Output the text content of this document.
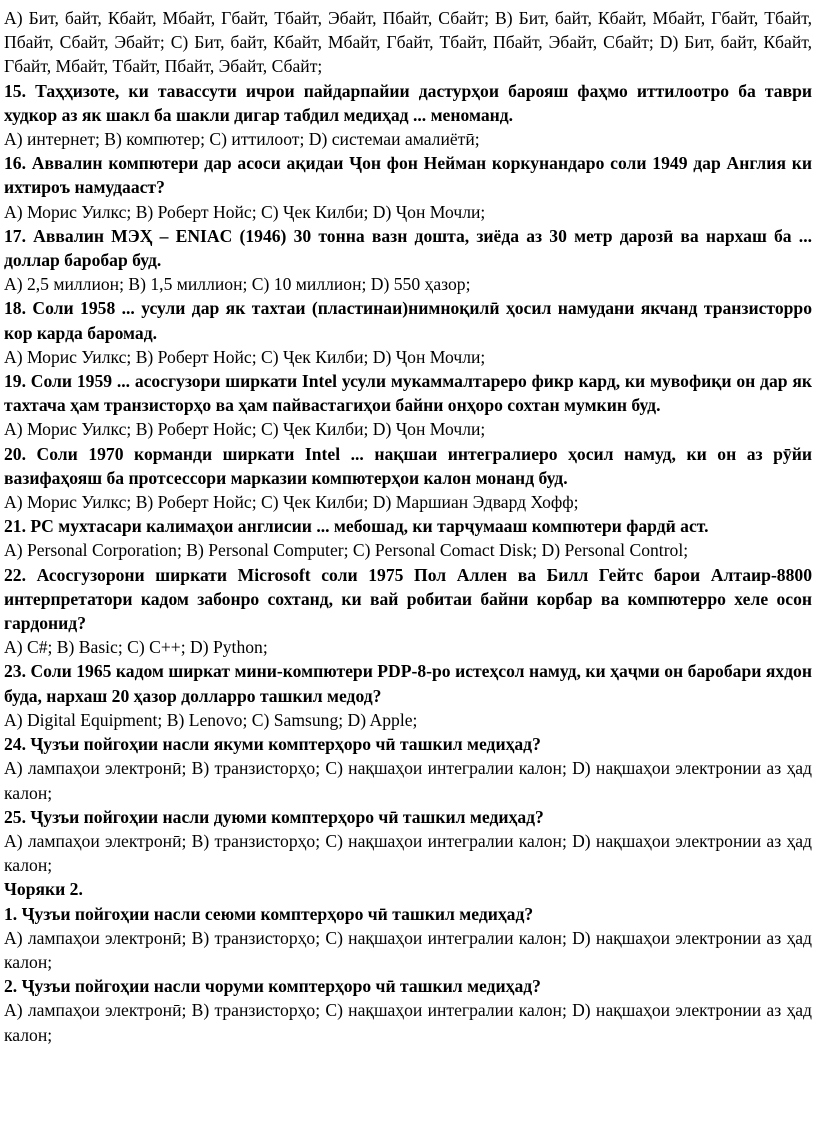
A) Бит, байт, Кбайт, Мбайт, Гбайт, Тбайт, Эбайт, Пбайт, Сбайт; B) Бит, байт, Кбайт, Мбайт, Гбайт, Тбайт, Пбайт, Сбайт, Эбайт; C) Бит, байт, Кбайт, Мбайт, Гбайт, Тбайт, Пбайт, Эбайт, Сбайт; D) Бит, байт, Кбайт, Гбайт, Мбайт, Тбайт, Пбайт, Эбайт, Сбайт;

15. Таҳҳизоте, ки тавассути ичрои пайдарпайии дастурҳои барояш фаҳмо иттилоотро ба таври худкор аз як шакл ба шакли дигар табдил медиҳад ... меноманд.

A) интернет; B) компютер; C) иттилоот; D) системаи амалиётӣ;

16. Аввалин компютери дар асоси ақидаи Ҷон фон Нейман коркунандаро соли 1949 дар Англия ки ихтироъ намудааст?

A) Морис Уилкс; B) Роберт Нойс; C) Ҷек Килби; D) Ҷон Мочли;

17. Аввалин МЭҲ – ENIAC (1946) 30 тонна вазн дошта, зиёда аз 30 метр дарозӣ ва нархаш ба ... доллар баробар буд.

A) 2,5 миллион; B) 1,5 миллион; C) 10 миллион; D) 550 ҳазор;

18. Соли 1958 ... усули дар як тахтаи (пластинаи)нимноқилӣ ҳосил намудани якчанд транзисторро кор карда баромад.

A) Морис Уилкс; B) Роберт Нойс; C) Ҷек Килби; D) Ҷон Мочли;

19. Соли 1959 ... асосгузори ширкати Intel усули мукаммалтареро фикр кард, ки мувофиқи он дар як тахтача ҳам транзисторҳо ва ҳам пайвастагиҳои байни онҳоро сохтан мумкин буд.

A) Морис Уилкс; B) Роберт Нойс; C) Ҷек Килби; D) Ҷон Мочли;

20. Соли 1970 корманди ширкати Intel ... нақшаи интегралиеро ҳосил намуд, ки он аз рӯйи вазифаҳояш ба протсессори марказии компютерҳои калон монанд буд.

A) Морис Уилкс; B) Роберт Нойс; C) Ҷек Килби; D) Маршиан Эдвард Хофф;

21. PC мухтасари калимаҳои англисии ... мебошад, ки тарҷумааш компютери фардӣ аст.

A) Personal Corporation; B) Personal Computer; C) Personal Comact Disk; D) Personal Control;

22. Асосгузорони ширкати Microsoft соли 1975 Пол Аллен ва Билл Гейтс барои Алтаир-8800 интерпретатори кадом забонро сохтанд, ки вай робитаи байни корбар ва компютерро хеле осон гардонид?

A) C#; B) Basic; C) C++; D) Python;

23. Соли 1965 кадом ширкат мини-компютери PDP-8-ро истеҳсол намуд, ки ҳаҷми он баробари яхдон буда, нархаш 20 ҳазор долларро ташкил медод?

A) Digital Equipment; B) Lenovo; C) Samsung; D) Apple;

24. Ҷузъи пойгоҳии насли якуми комптерҳоро чӣ ташкил медиҳад?

A) лампаҳои электронӣ; B) транзисторҳо; C) нақшаҳои интегралии калон; D) нақшаҳои электронии аз ҳад калон;

25. Ҷузъи пойгоҳии насли дуюми комптерҳоро чӣ ташкил медиҳад?

A) лампаҳои электронӣ; B) транзисторҳо; C) нақшаҳои интегралии калон; D) нақшаҳои электронии аз ҳад калон;

Чоряки 2.

1. Ҷузъи пойгоҳии насли сеюми комптерҳоро чӣ ташкил медиҳад?

A) лампаҳои электронӣ; B) транзисторҳо; C) нақшаҳои интегралии калон; D) нақшаҳои электронии аз ҳад калон;

2. Ҷузъи пойгоҳии насли чоруми комптерҳоро чӣ ташкил медиҳад?

A) лампаҳои электронӣ; B) транзисторҳо; C) нақшаҳои интегралии калон; D) нақшаҳои электронии аз ҳад калон;
